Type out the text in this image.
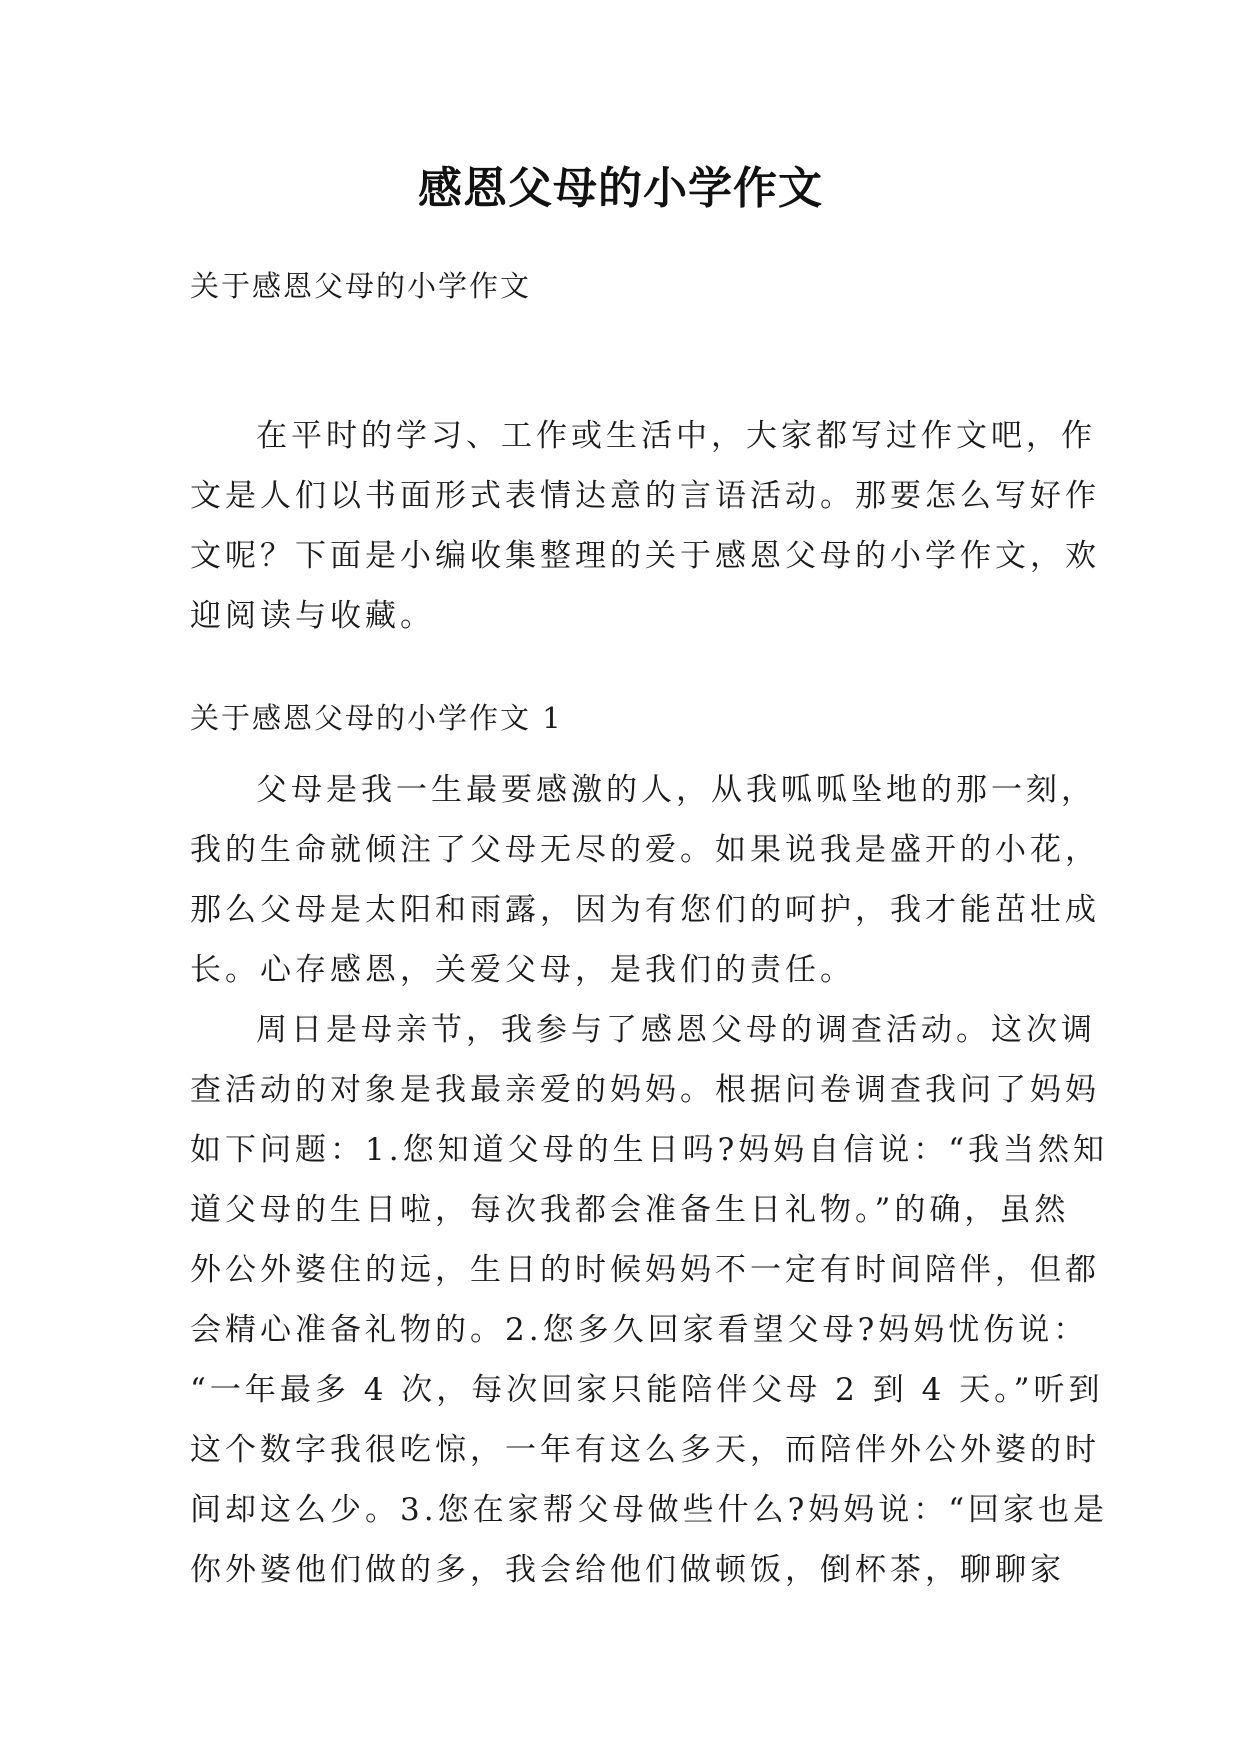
感恩父母的小学作文

关于感恩父母的小学作文

在平时的学习、工作或生活中，大家都写过作文吧，作
文是人们以书面形式表情达意的言语活动。那要怎么写好作
文呢？下面是小编收集整理的关于感恩父母的小学作文，欢
迎阅读与收藏。
关于感恩父母的小学作文 1
父母是我一生最要感激的人，从我呱呱坠地的那一刻，
我的生命就倾注了父母无尽的爱。如果说我是盛开的小花，
那么父母是太阳和雨露，因为有您们的呵护，我才能茁壮成
长。心存感恩，关爱父母，是我们的责任。
周日是母亲节，我参与了感恩父母的调查活动。这次调
查活动的对象是我最亲爱的妈妈。根据问卷调查我问了妈妈
如下问题：1.您知道父母的生日吗?妈妈自信说：“我当然知
道父母的生日啦，每次我都会准备生日礼物。”的确，虽然
外公外婆住的远，生日的时候妈妈不一定有时间陪伴，但都
会精心准备礼物的。2.您多久回家看望父母?妈妈忧伤说：
“一年最多 4 次，每次回家只能陪伴父母 2 到 4 天。”听到
这个数字我很吃惊，一年有这么多天，而陪伴外公外婆的时
间却这么少。3.您在家帮父母做些什么?妈妈说：“回家也是
你外婆他们做的多，我会给他们做顿饭，倒杯茶，聊聊家
